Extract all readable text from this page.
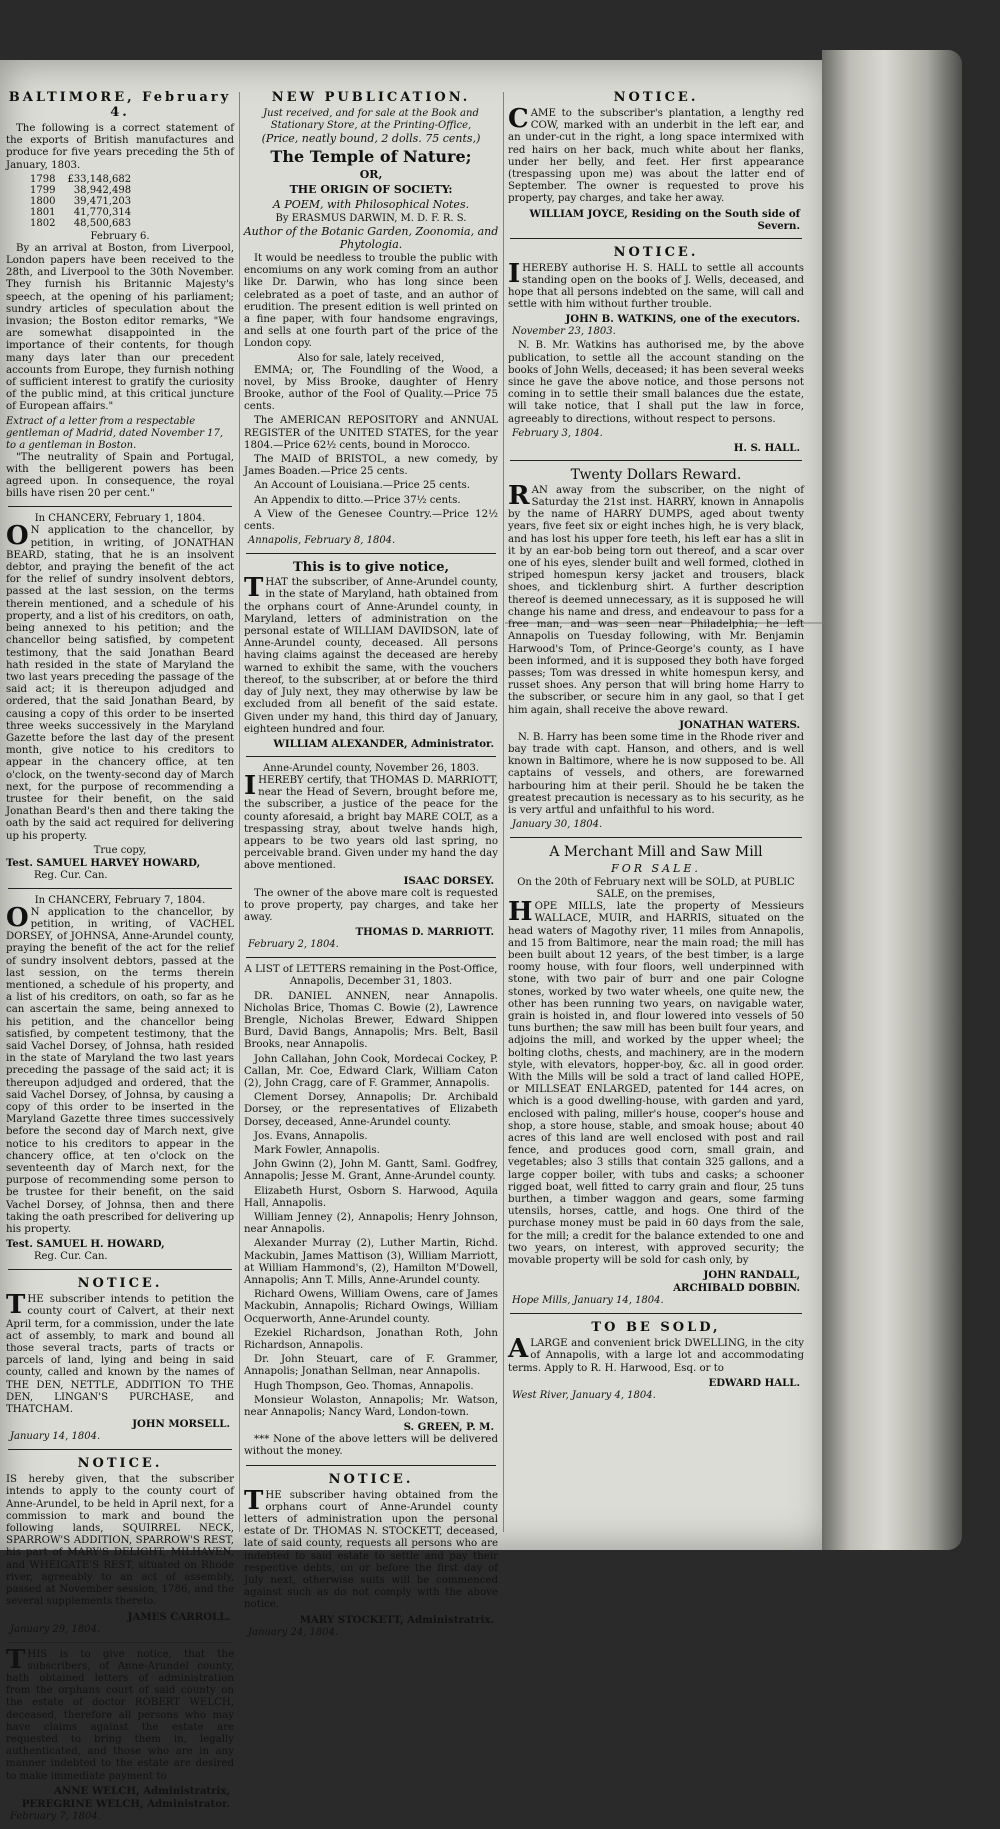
BALTIMORE, February 4.
The following is a correct statement of the exports of British manufactures and produce for five years preceding the 5th of January, 1803.
1798	£33,148,682
1799	38,942,498
1800	39,471,203
1801	41,770,314
1802	48,500,683
February 6.
By an arrival at Boston, from Liverpool, London papers have been received to the 28th, and Liverpool to the 30th November. They furnish his Britannic Majesty's speech, at the opening of his parliament; sundry articles of speculation about the invasion; the Boston editor remarks, "We are somewhat disappointed in the importance of their contents, for though many days later than our precedent accounts from Europe, they furnish nothing of sufficient interest to gratify the curiosity of the public mind, at this critical juncture of European affairs."
Extract of a letter from a respectable gentleman of Madrid, dated November 17, to a gentleman in Boston.
"The neutrality of Spain and Portugal, with the belligerent powers has been agreed upon. In consequence, the royal bills have risen 20 per cent."
In CHANCERY, February 1, 1804.
ON application to the chancellor, by petition, in writing, of JONATHAN BEARD, stating, that he is an insolvent debtor, and praying the benefit of the act for the relief of sundry insolvent debtors, passed at the last session, on the terms therein mentioned, and a schedule of his property, and a list of his creditors, on oath, being annexed to his petition; and the chancellor being satisfied, by competent testimony, that the said Jonathan Beard hath resided in the state of Maryland the two last years preceding the passage of the said act; it is thereupon adjudged and ordered, that the said Jonathan Beard, by causing a copy of this order to be inserted three weeks successively in the Maryland Gazette before the last day of the present month, give notice to his creditors to appear in the chancery office, at ten o'clock, on the twenty-second day of March next, for the purpose of recommending a trustee for their benefit, on the said Jonathan Beard's then and there taking the oath by the said act required for delivering up his property.
True copy,
Test. SAMUEL HARVEY HOWARD,
Reg. Cur. Can.
In CHANCERY, February 7, 1804.
ON application to the chancellor, by petition, in writing, of VACHEL DORSEY, of JOHNSA, Anne-Arundel county, praying the benefit of the act for the relief of sundry insolvent debtors, passed at the last session, on the terms therein mentioned, a schedule of his property, and a list of his creditors, on oath, so far as he can ascertain the same, being annexed to his petition, and the chancellor being satisfied, by competent testimony, that the said Vachel Dorsey, of Johnsa, hath resided in the state of Maryland the two last years preceding the passage of the said act; it is thereupon adjudged and ordered, that the said Vachel Dorsey, of Johnsa, by causing a copy of this order to be inserted in the Maryland Gazette three times successively before the second day of March next, give notice to his creditors to appear in the chancery office, at ten o'clock on the seventeenth day of March next, for the purpose of recommending some person to be trustee for their benefit, on the said Vachel Dorsey, of Johnsa, then and there taking the oath prescribed for delivering up his property.
Test. SAMUEL H. HOWARD,
Reg. Cur. Can.
NOTICE.
THE subscriber intends to petition the county court of Calvert, at their next April term, for a commission, under the late act of assembly, to mark and bound all those several tracts, parts of tracts or parcels of land, lying and being in said county, called and known by the names of THE DEN, NETTLE, ADDITION TO THE DEN, LINGAN'S PURCHASE, and THATCHAM.
JOHN MORSELL.
January 14, 1804.
NOTICE.
IS hereby given, that the subscriber intends to apply to the county court of Anne-Arundel, to be held in April next, for a commission to mark and bound the following lands, SQUIRREL NECK, SPARROW'S ADDITION, SPARROW'S REST, his part of MARY'S DELIGHT, MILHAVEN, and WHEIGATE'S REST, situated on Rhode river, agreeably to an act of assembly, passed at November session, 1786, and the several supplements thereto.
JAMES CARROLL.
January 29, 1804.
THIS is to give notice, that the subscribers, of Anne-Arundel county, hath obtained letters of administration from the orphans court of said county on the estate of doctor ROBERT WELCH, deceased, therefore all persons who may have claims against the estate are requested to bring them in, legally authenticated, and those who are in any manner indebted to the estate are desired to make immediate payment to
ANNE WELCH, Administratrix,
PEREGRINE WELCH, Administrator.
February 7, 1804.
NEW PUBLICATION.
Just received, and for sale at the Book and Stationary Store, at the Printing-Office,
(Price, neatly bound, 2 dolls. 75 cents,)
The Temple of Nature;
OR,
THE ORIGIN OF SOCIETY:
A POEM, with Philosophical Notes.
By ERASMUS DARWIN, M. D. F. R. S.
Author of the Botanic Garden, Zoonomia, and Phytologia.
It would be needless to trouble the public with encomiums on any work coming from an author like Dr. Darwin, who has long since been celebrated as a poet of taste, and an author of erudition. The present edition is well printed on a fine paper, with four handsome engravings, and sells at one fourth part of the price of the London copy.
Also for sale, lately received,
EMMA; or, The Foundling of the Wood, a novel, by Miss Brooke, daughter of Henry Brooke, author of the Fool of Quality.—Price 75 cents.
The AMERICAN REPOSITORY and ANNUAL REGISTER of the UNITED STATES, for the year 1804.—Price 62½ cents, bound in Morocco.
The MAID of BRISTOL, a new comedy, by James Boaden.—Price 25 cents.
An Account of Louisiana.—Price 25 cents.
An Appendix to ditto.—Price 37½ cents.
A View of the Genesee Country.—Price 12½ cents.
Annapolis, February 8, 1804.
This is to give notice,
THAT the subscriber, of Anne-Arundel county, in the state of Maryland, hath obtained from the orphans court of Anne-Arundel county, in Maryland, letters of administration on the personal estate of WILLIAM DAVIDSON, late of Anne-Arundel county, deceased. All persons having claims against the deceased are hereby warned to exhibit the same, with the vouchers thereof, to the subscriber, at or before the third day of July next, they may otherwise by law be excluded from all benefit of the said estate. Given under my hand, this third day of January, eighteen hundred and four.
WILLIAM ALEXANDER, Administrator.
Anne-Arundel county, November 26, 1803.
IHEREBY certify, that THOMAS D. MARRIOTT, near the Head of Severn, brought before me, the subscriber, a justice of the peace for the county aforesaid, a bright bay MARE COLT, as a trespassing stray, about twelve hands high, appears to be two years old last spring, no perceivable brand. Given under my hand the day above mentioned.
ISAAC DORSEY.
The owner of the above mare colt is requested to prove property, pay charges, and take her away.
THOMAS D. MARRIOTT.
February 2, 1804.
A LIST of LETTERS remaining in the Post-Office, Annapolis, December 31, 1803.
DR. DANIEL ANNEN, near Annapolis. Nicholas Brice, Thomas C. Bowie (2), Lawrence Brengle, Nicholas Brewer, Edward Shippen Burd, David Bangs, Annapolis; Mrs. Belt, Basil Brooks, near Annapolis.
John Callahan, John Cook, Mordecai Cockey, P. Callan, Mr. Coe, Edward Clark, William Caton (2), John Cragg, care of F. Grammer, Annapolis.
Clement Dorsey, Annapolis; Dr. Archibald Dorsey, or the representatives of Elizabeth Dorsey, deceased, Anne-Arundel county.
Jos. Evans, Annapolis.
Mark Fowler, Annapolis.
John Gwinn (2), John M. Gantt, Saml. Godfrey, Annapolis; Jesse M. Grant, Anne-Arundel county.
Elizabeth Hurst, Osborn S. Harwood, Aquila Hall, Annapolis.
William Jenney (2), Annapolis; Henry Johnson, near Annapolis.
Alexander Murray (2), Luther Martin, Richd. Mackubin, James Mattison (3), William Marriott, at William Hammond's, (2), Hamilton M'Dowell, Annapolis; Ann T. Mills, Anne-Arundel county.
Richard Owens, William Owens, care of James Mackubin, Annapolis; Richard Owings, William Ocquerworth, Anne-Arundel county.
Ezekiel Richardson, Jonathan Roth, John Richardson, Annapolis.
Dr. John Steuart, care of F. Grammer, Annapolis; Jonathan Sellman, near Annapolis.
Hugh Thompson, Geo. Thomas, Annapolis.
Monsieur Wolaston, Annapolis; Mr. Watson, near Annapolis; Nancy Ward, London-town.
S. GREEN, P. M.
*** None of the above letters will be delivered without the money.
NOTICE.
THE subscriber having obtained from the orphans court of Anne-Arundel county letters of administration upon the personal estate of Dr. THOMAS N. STOCKETT, deceased, late of said county, requests all persons who are indebted to said estate to settle and pay their respective debts, on or before the first day of July next, otherwise suits will be commenced against such as do not comply with the above notice.
MARY STOCKETT, Administratrix.
January 24, 1804.
NOTICE.
CAME to the subscriber's plantation, a lengthy red COW, marked with an underbit in the left ear, and an under-cut in the right, a long space intermixed with red hairs on her back, much white about her flanks, under her belly, and feet. Her first appearance (trespassing upon me) was about the latter end of September. The owner is requested to prove his property, pay charges, and take her away.
WILLIAM JOYCE, Residing on the South side of Severn.
NOTICE.
IHEREBY authorise H. S. HALL to settle all accounts standing open on the books of J. Wells, deceased, and hope that all persons indebted on the same, will call and settle with him without further trouble.
JOHN B. WATKINS, one of the executors.
November 23, 1803.
N. B. Mr. Watkins has authorised me, by the above publication, to settle all the account standing on the books of John Wells, deceased; it has been several weeks since he gave the above notice, and those persons not coming in to settle their small balances due the estate, will take notice, that I shall put the law in force, agreeably to directions, without respect to persons.
February 3, 1804.
H. S. HALL.
Twenty Dollars Reward.
RAN away from the subscriber, on the night of Saturday the 21st inst. HARRY, known in Annapolis by the name of HARRY DUMPS, aged about twenty years, five feet six or eight inches high, he is very black, and has lost his upper fore teeth, his left ear has a slit in it by an ear-bob being torn out thereof, and a scar over one of his eyes, slender built and well formed, clothed in striped homespun kersy jacket and trousers, black shoes, and ticklenburg shirt. A further description thereof is deemed unnecessary, as it is supposed he will change his name and dress, and endeavour to pass for a free man, and was seen near Philadelphia; he left Annapolis on Tuesday following, with Mr. Benjamin Harwood's Tom, of Prince-George's county, as I have been informed, and it is supposed they both have forged passes; Tom was dressed in white homespun kersy, and russet shoes. Any person that will bring home Harry to the subscriber, or secure him in any gaol, so that I get him again, shall receive the above reward.
JONATHAN WATERS.
N. B. Harry has been some time in the Rhode river and bay trade with capt. Hanson, and others, and is well known in Baltimore, where he is now supposed to be. All captains of vessels, and others, are forewarned harbouring him at their peril. Should he be taken the greatest precaution is necessary as to his security, as he is very artful and unfaithful to his word.
January 30, 1804.
A Merchant Mill and Saw Mill
FOR SALE.
On the 20th of February next will be SOLD, at PUBLIC SALE, on the premises,
HOPE MILLS, late the property of Messieurs WALLACE, MUIR, and HARRIS, situated on the head waters of Magothy river, 11 miles from Annapolis, and 15 from Baltimore, near the main road; the mill has been built about 12 years, of the best timber, is a large roomy house, with four floors, well underpinned with stone, with two pair of burr and one pair Cologne stones, worked by two water wheels, one quite new, the other has been running two years, on navigable water, grain is hoisted in, and flour lowered into vessels of 50 tuns burthen; the saw mill has been built four years, and adjoins the mill, and worked by the upper wheel; the bolting cloths, chests, and machinery, are in the modern style, with elevators, hopper-boy, &c. all in good order. With the Mills will be sold a tract of land called HOPE, or MILLSEAT ENLARGED, patented for 144 acres, on which is a good dwelling-house, with garden and yard, enclosed with paling, miller's house, cooper's house and shop, a store house, stable, and smoak house; about 40 acres of this land are well enclosed with post and rail fence, and produces good corn, small grain, and vegetables; also 3 stills that contain 325 gallons, and a large copper boiler, with tubs and casks; a schooner rigged boat, well fitted to carry grain and flour, 25 tuns burthen, a timber waggon and gears, some farming utensils, horses, cattle, and hogs. One third of the purchase money must be paid in 60 days from the sale, for the mill; a credit for the balance extended to one and two years, on interest, with approved security; the movable property will be sold for cash only, by
JOHN RANDALL,
ARCHIBALD DOBBIN.
Hope Mills, January 14, 1804.
TO BE SOLD,
ALARGE and convenient brick DWELLING, in the city of Annapolis, with a large lot and accommodating terms. Apply to R. H. Harwood, Esq. or to
EDWARD HALL.
West River, January 4, 1804.
